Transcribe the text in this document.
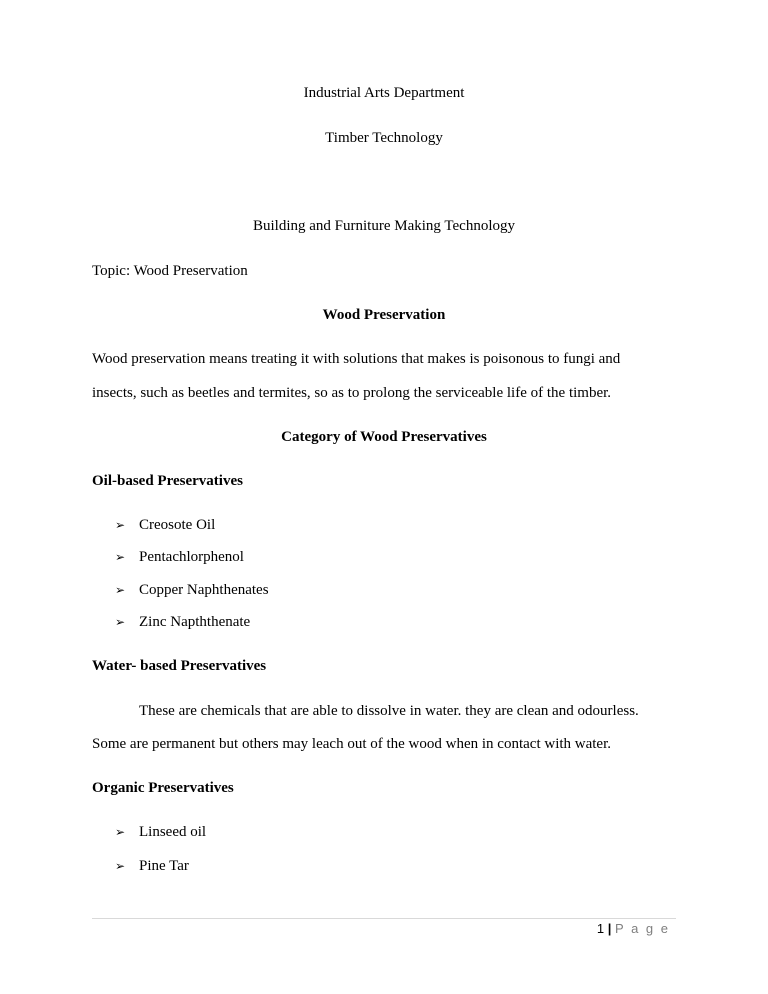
Industrial Arts Department
Timber Technology
Building and Furniture Making Technology
Topic: Wood Preservation
Wood Preservation
Wood preservation means treating it with solutions that makes is poisonous to fungi and
insects, such as beetles and termites, so as to prolong the serviceable life of the timber.
Category of Wood Preservatives
Oil-based Preservatives
➢ Creosote Oil
➢ Pentachlorphenol
➢ Copper Naphthenates
➢ Zinc Napththenate
Water- based Preservatives
These are chemicals that are able to dissolve in water. they are clean and odourless.
Some are permanent but others may leach out of the wood when in contact with water.
Organic Preservatives
➢ Linseed oil
➢ Pine Tar
1 | P a g e
